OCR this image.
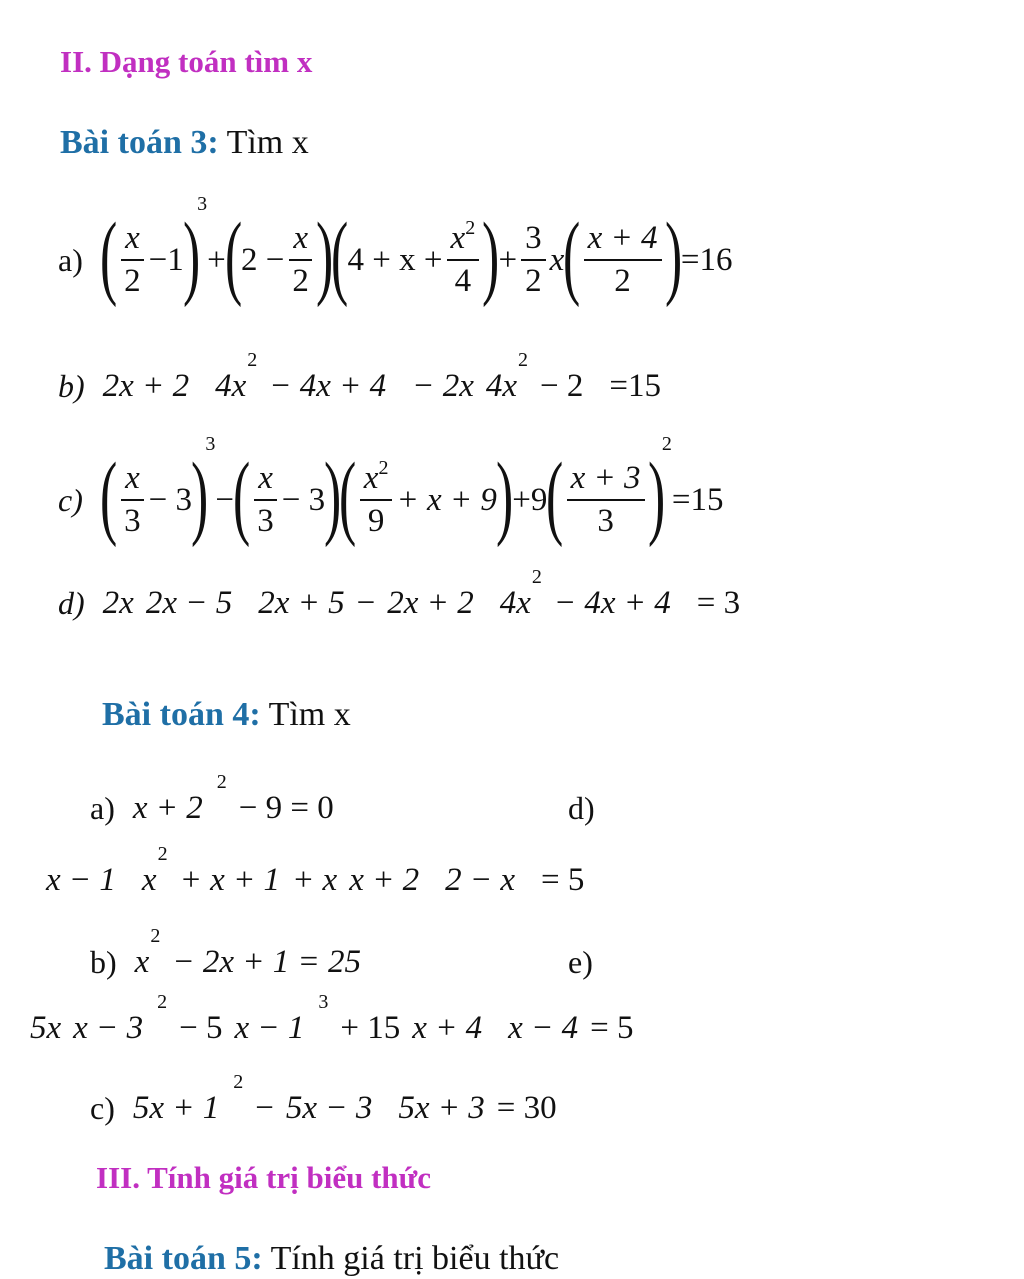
II. Dạng toán tìm x
Bài toán 3: Tìm x
a) ( $\frac{x}{2} -1$ )
3
+ ( $2 - \frac{x}{2}$ )
( $4 + x + \frac{x^2}{4}$ ) + $\frac{3}{2}$ x ( $\frac{x + 4}{2}$ ) =16
b) 2x + 2 4x
2
− 4x + 4 − 2x 4x
2
− 2 =15
c) ( $\frac{x}{3} - 3$ )
3
− ( $\frac{x}{3} - 3$ )
( $\frac{x^2}{9} + x + 9$ ) +9 ( $\frac{x + 3}{3}$ )
2
=15
d) 2x 2x − 5 2x + 5 − 2x + 2 4x
2
− 4x + 4 = 3
Bài toán 4: Tìm x
a) x + 2
2
− 9 = 0	d)
x − 1 x
2
+ x + 1 + x x + 2 2 − x = 5
b) x
2
− 2x + 1 = 25	e)
5x x − 3
2
− 5 x − 1
3
+ 15 x + 4 x − 4 = 5
c) 5x + 1
2
− 5x − 3 5x + 3 = 30
III. Tính giá trị biểu thức
Bài toán 5: Tính giá trị biểu thức
